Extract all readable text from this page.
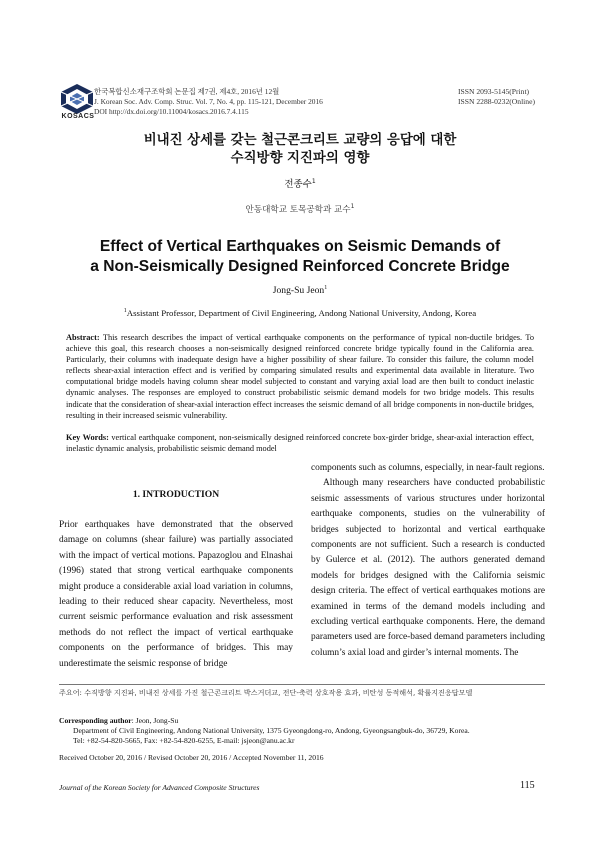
KOSACS
한국복합신소재구조학회 논문집 제7권, 제4호, 2016년 12월
J. Korean Soc. Adv. Comp. Struc. Vol. 7, No. 4, pp. 115-121, December 2016
DOI http://dx.doi.org/10.11004/kosacs.2016.7.4.115
ISSN 2093-5145(Print)
ISSN 2288-0232(Online)
비내진 상세를 갖는 철근콘크리트 교량의 응답에 대한
수직방향 지진파의 영향
전종수$^1$
안동대학교 토목공학과 교수$^1$
Effect of Vertical Earthquakes on Seismic Demands of
a Non-Seismically Designed Reinforced Concrete Bridge
Jong-Su Jeon$^1$
$^1$Assistant Professor, Department of Civil Engineering, Andong National University, Andong, Korea
Abstract: This research describes the impact of vertical earthquake components on the performance of typical non-ductile bridges. To achieve this goal, this research chooses a non-seismically designed reinforced concrete bridge typically found in the California area. Particularly, their columns with inadequate design have a higher possibility of shear failure. To consider this failure, the column model reflects shear-axial interaction effect and is verified by comparing simulated results and experimental data available in literature. Two computational bridge models having column shear model subjected to constant and varying axial load are then built to conduct inelastic dynamic analyses. The responses are employed to construct probabilistic seismic demand models for two bridge models. This results indicate that the consideration of shear-axial interaction effect increases the seismic demand of all bridge components in non-ductile bridges, resulting in their increased seismic vulnerability.
Key Words: vertical earthquake component, non-seismically designed reinforced concrete box-girder bridge, shear-axial interaction effect, inelastic dynamic analysis, probabilistic seismic demand model
1. INTRODUCTION
Prior earthquakes have demonstrated that the observed damage on columns (shear failure) was partially associated with the impact of vertical motions. Papazoglou and Elnashai (1996) stated that strong vertical earthquake components might produce a considerable axial load variation in columns, leading to their reduced shear capacity. Nevertheless, most current seismic performance evaluation and risk assessment methods do not reflect the impact of vertical earthquake components on the performance of bridges. This may underestimate the seismic response of bridge
components such as columns, especially, in near-fault regions.
Although many researchers have conducted probabilistic seismic assessments of various structures under horizontal earthquake components, studies on the vulnerability of bridges subjected to horizontal and vertical earthquake components are not sufficient. Such a research is conducted by Gulerce et al. (2012). The authors generated demand models for bridges designed with the California seismic design criteria. The effect of vertical earthquakes motions are examined in terms of the demand models including and excluding vertical earthquake components. Here, the demand parameters used are force-based demand parameters including column’s axial load and girder’s internal moments. The
주요어: 수직방향 지진파, 비내진 상세를 가진 철근콘크리트 박스거더교, 전단-축력 상호작용 효과, 비탄성 동적해석, 확률지진응답모델
Corresponding author: Jeon, Jong-Su
Department of Civil Engineering, Andong National University, 1375 Gyeongdong-ro, Andong, Gyeongsangbuk-do, 36729, Korea.
Tel: +82-54-820-5665, Fax: +82-54-820-6255, E-mail: jsjeon@anu.ac.kr
Received October 20, 2016 / Revised October 20, 2016 / Accepted November 11, 2016
Journal of the Korean Society for Advanced Composite Structures	115
